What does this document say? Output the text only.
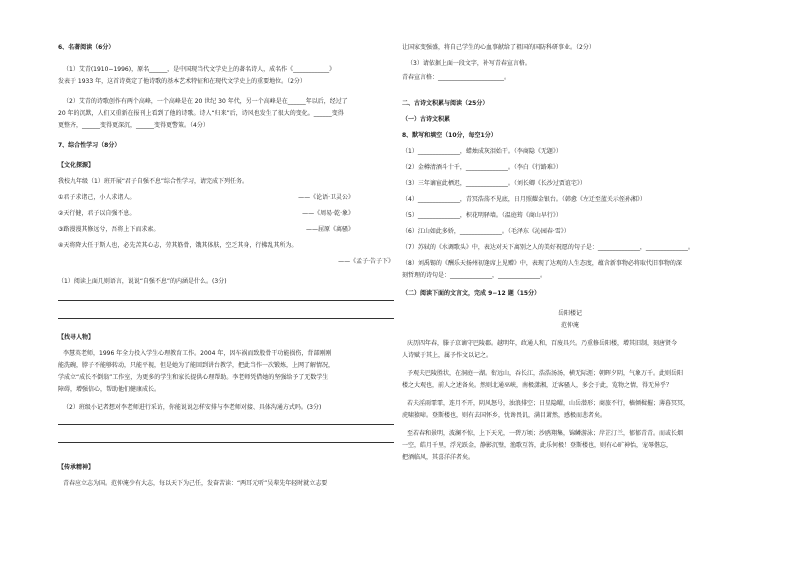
6、名著阅读（6分）
（1）艾青(1910−1996)，原名______，是中国现当代文学史上的著名诗人，成名作《____________》
发表于 1933 年，这首诗奠定了他诗歌的基本艺术特征和在现代文学史上的重要地位。（2分）
（2）艾青的诗歌创作有两个高峰，一个高峰是在 20 世纪 30 年代，另一个高峰是在______年以后，经过了
20 年的沉默，人们又重新在报刊上看到了他的诗歌。诗人“归来”后，诗风也发生了很大的变化。______变得
更整齐，______变得更深沉，______变得更警策。（4分）
7、综合性学习（8分）
【文化探源】
我校九年级（1）班开展“君子自强不息”综合性学习，请完成下列任务。
①君子求诸己，小人求诸人。	——《论语·卫灵公》
②天行健，君子以自强不息。	——《周易·乾·象》
③路漫漫其修远兮，吾将上下而求索。	——屈原《离骚》
④天将降大任于斯人也，必先苦其心志，劳其筋骨，饿其体肤，空乏其身，行拂乱其所为。
——《孟子·告子下》
（1）阅读上面几则语言，说说“自强不息”的内涵是什么。(3分)
【找寻人物】
李慧英老师，1996 年全力投入学生心理教育工作。2004 年，因车祸而致股骨干功能损伤，背部刚刚
能洗碗，脖子不能够转动，只能平视，但是她为了能回到讲台教学，把此当作一次锻炼，上网了解情况，
学成立“成长不倒翁”工作室，为更多的学生和家长提供心理帮助。李老师凭借她的坚强给予了无数学生
障碍，增强信心，帮助他们健康成长。
（2）班级小记者想对李老师进行采访，你能说说怎样安排与李老师对接、具体沟通方式吗。(3分)
【传承精神】
青春应立志为国。范仲淹少有大志，每以天下为己任，发奋苦读：“两耳元听”吴辈先年轻时就立志要
让国家变强盛，将自己学生的心血事献给了祖国的国防科研事业。（2分）
（3）请依据上面一段文字，补写青春宣言格。
青春宣言格：______________________。
二、古诗文积累与阅读（25分）
（一）古诗文积累
8、默写和填空（10分，每空1分）
（1）______________，蜡烛成灰泪始干。（李商隐《无题》）
（2）金樽清酒斗十千，______________。（李白《行路难》）
（3）三年谪宦此栖迟，______________。（刘长卿《长沙过贾谊宅》）
（4）______________，青冥浩荡不见底，日月照耀金银台。（韩愈《左迁至蓝关示侄孙湘》）
（5）______________，枳花明驿墙。（温庭筠《商山早行》）
（6）江山如此多娇，______________。（毛泽东《沁园春·雪》）
（7）苏轼的《水调歌头》中，表达对天下离别之人的美好祝愿的句子是：______________，______________。
（8）刘禹锡的《酬乐天扬州初逢席上见赠》中，表现了达观的人生态度，蕴含新事物必将取代旧事物的深
刻哲理的诗句是：______________，______________。
（二）阅读下面的文言文，完成 9−12 题（15分）
岳阳楼记
范仲淹
庆历四年春，滕子京谪守巴陵郡。越明年，政通人和，百废具兴。乃重修岳阳楼，增其旧制，刻唐贤今
人诗赋于其上，属予作文以记之。
予观夫巴陵胜状，在洞庭一湖。衔远山，吞长江，浩浩汤汤，横无际涯；朝晖夕阴，气象万千。此则岳阳
楼之大观也，前人之述备矣。然则北通巫峡，南极潇湘，迁客骚人，多会于此，览物之情，得无异乎？
若夫淫雨霏霏，连月不开，阴风怒号，浊浪排空；日星隐曜，山岳潜形；商旅不行，樯倾楫摧；薄暮冥冥，
虎啸猿啼。登斯楼也，则有去国怀乡，忧谗畏讥，满目萧然，感极而悲者矣。
至若春和景明，波澜不惊，上下天光，一碧万顷；沙鸥翔集，锦鳞游泳；岸芷汀兰，郁郁青青。而或长烟
一空，皓月千里，浮光跃金，静影沉璧，渔歌互答，此乐何极！登斯楼也，则有心旷神怡，宠辱偕忘，
把酒临风，其喜洋洋者矣。
